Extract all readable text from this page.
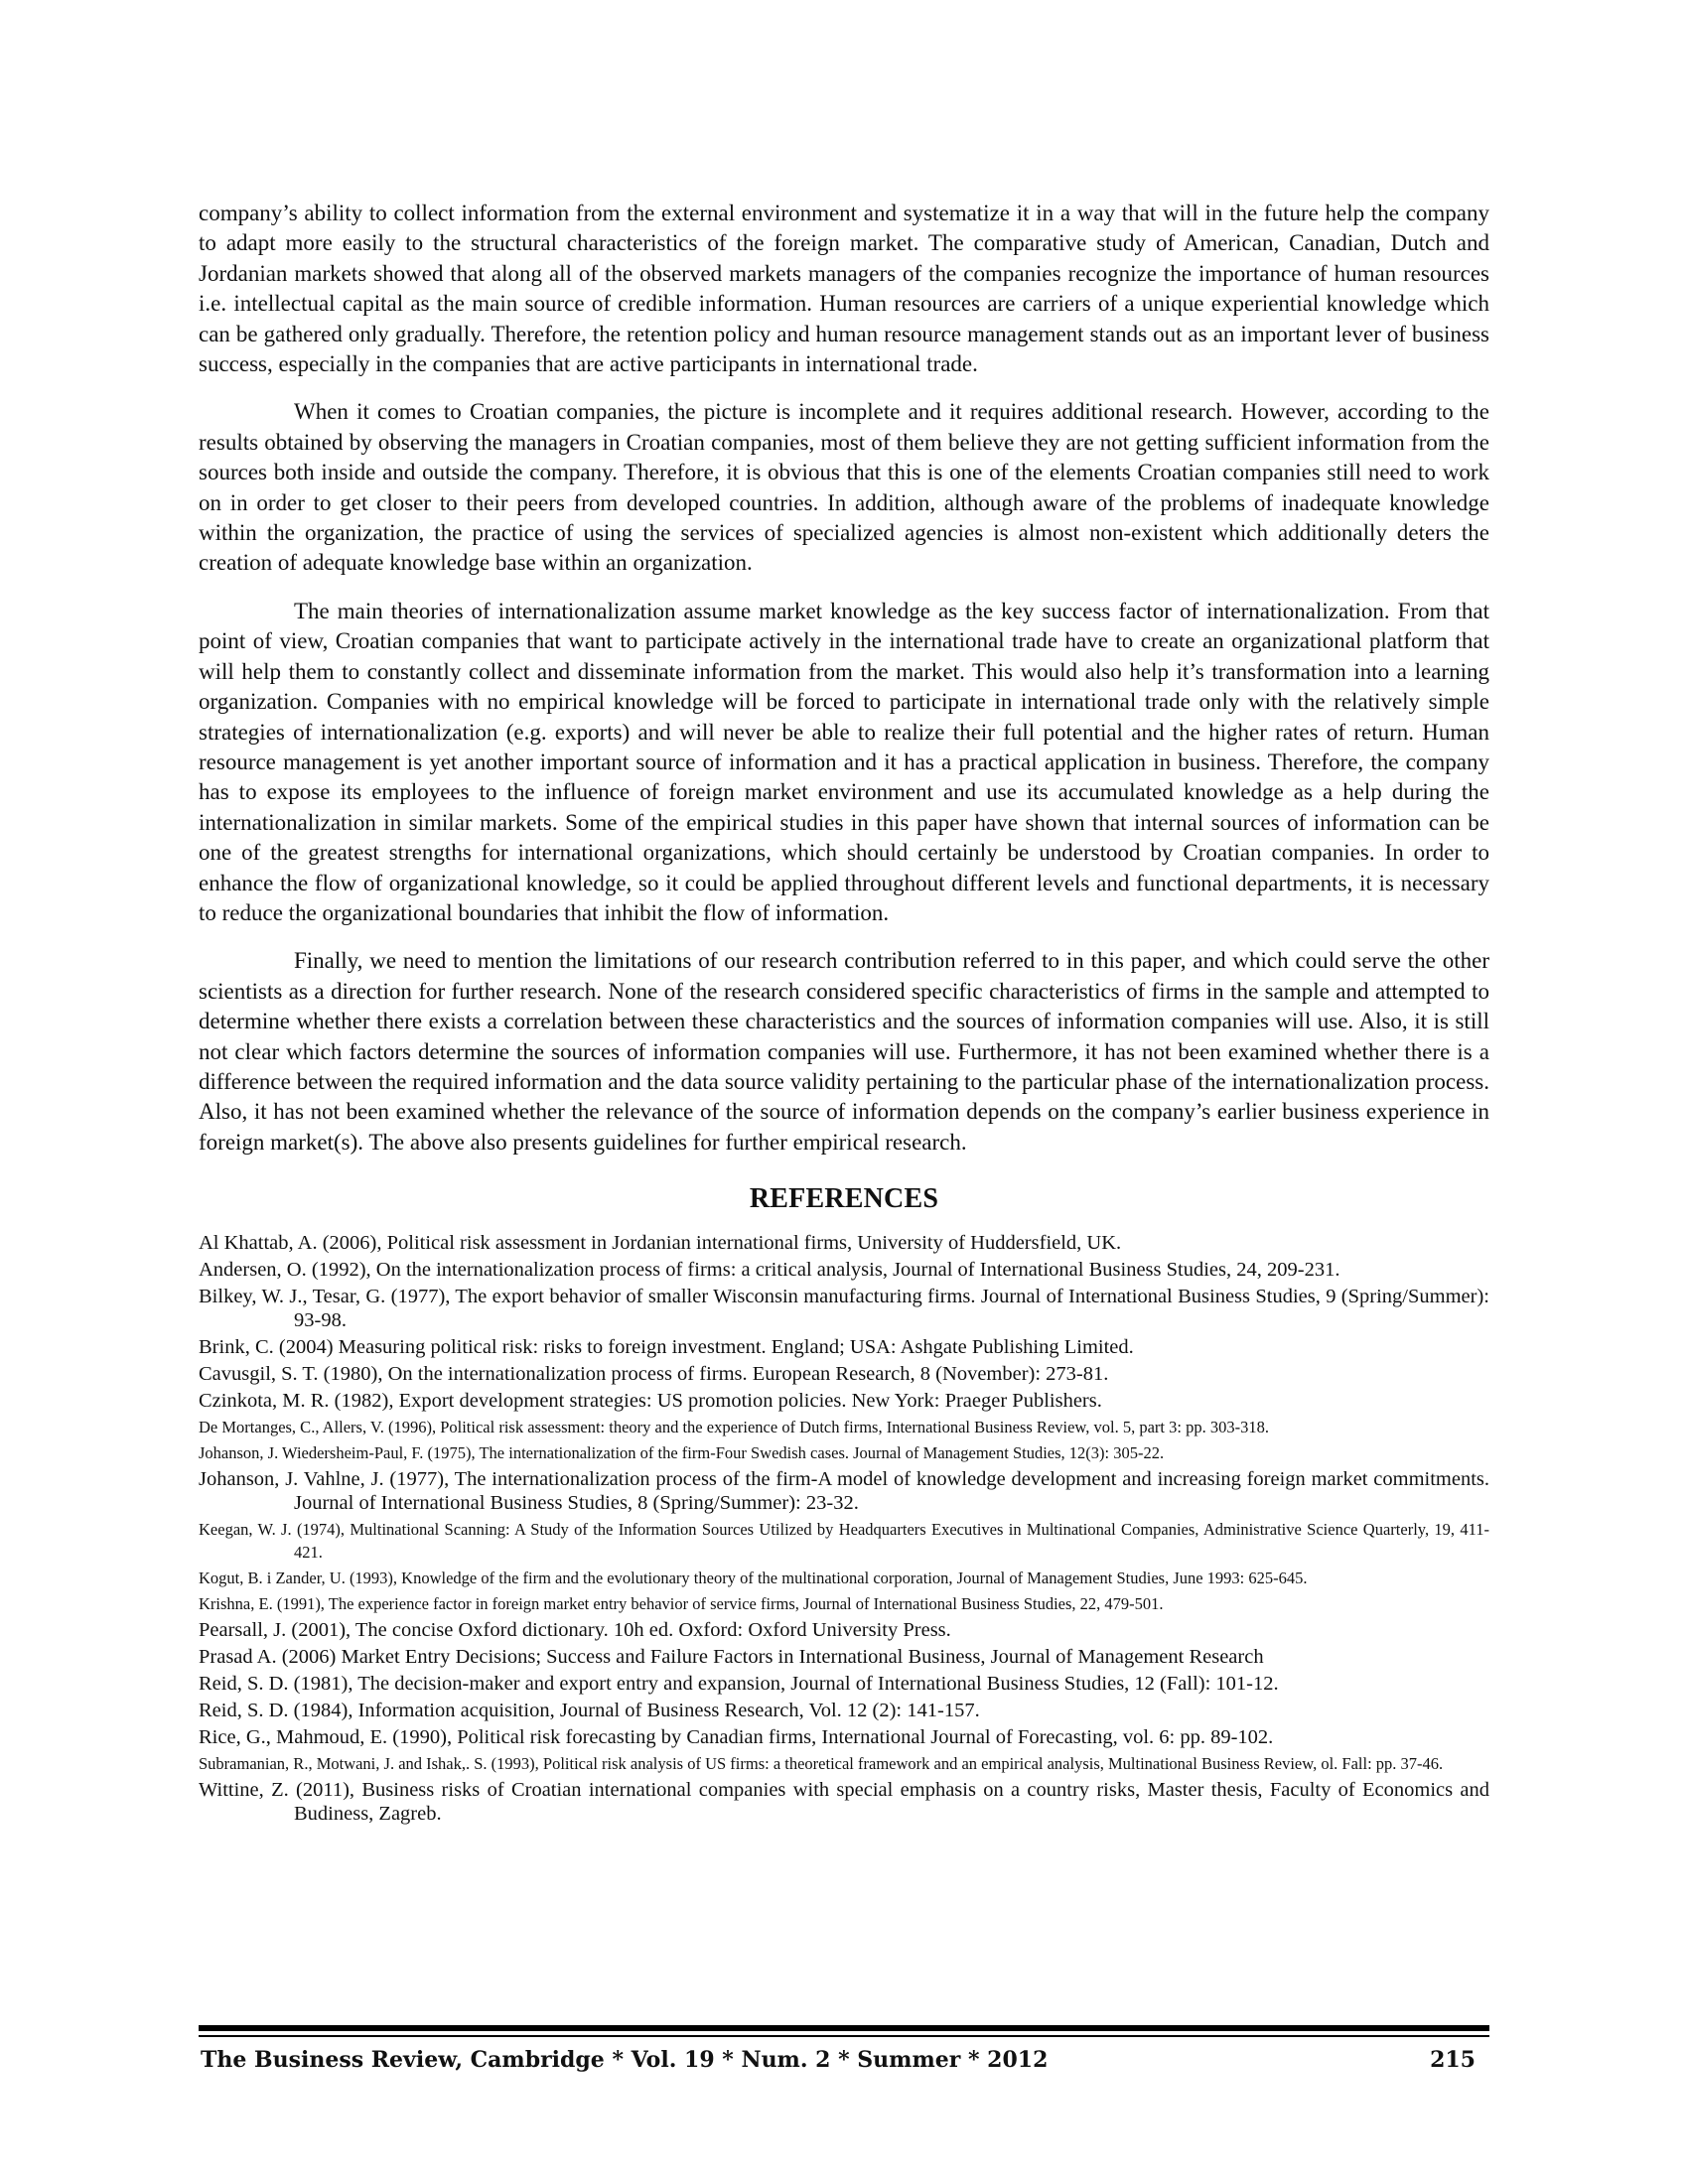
company’s ability to collect information from the external environment and systematize it in a way that will in the future help the company to adapt more easily to the structural characteristics of the foreign market. The comparative study of American, Canadian, Dutch and Jordanian markets showed that along all of the observed markets managers of the companies recognize the importance of human resources i.e. intellectual capital as the main source of credible information. Human resources are carriers of a unique experiential knowledge which can be gathered only gradually. Therefore, the retention policy and human resource management stands out as an important lever of business success, especially in the companies that are active participants in international trade.

When it comes to Croatian companies, the picture is incomplete and it requires additional research. However, according to the results obtained by observing the managers in Croatian companies, most of them believe they are not getting sufficient information from the sources both inside and outside the company. Therefore, it is obvious that this is one of the elements Croatian companies still need to work on in order to get closer to their peers from developed countries. In addition, although aware of the problems of inadequate knowledge within the organization, the practice of using the services of specialized agencies is almost non-existent which additionally deters the creation of adequate knowledge base within an organization.

The main theories of internationalization assume market knowledge as the key success factor of internationalization. From that point of view, Croatian companies that want to participate actively in the international trade have to create an organizational platform that will help them to constantly collect and disseminate information from the market. This would also help it’s transformation into a learning organization. Companies with no empirical knowledge will be forced to participate in international trade only with the relatively simple strategies of internationalization (e.g. exports) and will never be able to realize their full potential and the higher rates of return. Human resource management is yet another important source of information and it has a practical application in business. Therefore, the company has to expose its employees to the influence of foreign market environment and use its accumulated knowledge as a help during the internationalization in similar markets. Some of the empirical studies in this paper have shown that internal sources of information can be one of the greatest strengths for international organizations, which should certainly be understood by Croatian companies. In order to enhance the flow of organizational knowledge, so it could be applied throughout different levels and functional departments, it is necessary to reduce the organizational boundaries that inhibit the flow of information.

Finally, we need to mention the limitations of our research contribution referred to in this paper, and which could serve the other scientists as a direction for further research. None of the research considered specific characteristics of firms in the sample and attempted to determine whether there exists a correlation between these characteristics and the sources of information companies will use. Also, it is still not clear which factors determine the sources of information companies will use. Furthermore, it has not been examined whether there is a difference between the required information and the data source validity pertaining to the particular phase of the internationalization process. Also, it has not been examined whether the relevance of the source of information depends on the company’s earlier business experience in foreign market(s). The above also presents guidelines for further empirical research.

REFERENCES

Al Khattab, A. (2006), Political risk assessment in Jordanian international firms, University of Huddersfield, UK.

Andersen, O. (1992), On the internationalization process of firms: a critical analysis, Journal of International Business Studies, 24, 209-231.

Bilkey, W. J., Tesar, G. (1977), The export behavior of smaller Wisconsin manufacturing firms. Journal of International Business Studies, 9 (Spring/Summer): 93-98.

Brink, C. (2004) Measuring political risk: risks to foreign investment. England; USA: Ashgate Publishing Limited.

Cavusgil, S. T. (1980), On the internationalization process of firms. European Research, 8 (November): 273-81.

Czinkota, M. R. (1982), Export development strategies: US promotion policies. New York: Praeger Publishers.

De Mortanges, C., Allers, V. (1996), Political risk assessment: theory and the experience of Dutch firms, International Business Review, vol. 5, part 3: pp. 303-318.

Johanson, J. Wiedersheim-Paul, F. (1975), The internationalization of the firm-Four Swedish cases. Journal of Management Studies, 12(3): 305-22.

Johanson, J. Vahlne, J. (1977), The internationalization process of the firm-A model of knowledge development and increasing foreign market commitments. Journal of International Business Studies, 8 (Spring/Summer): 23-32.

Keegan, W. J. (1974), Multinational Scanning: A Study of the Information Sources Utilized by Headquarters Executives in Multinational Companies, Administrative Science Quarterly, 19, 411-421.

Kogut, B. i Zander, U. (1993), Knowledge of the firm and the evolutionary theory of the multinational corporation, Journal of Management Studies, June 1993: 625-645.

Krishna, E. (1991), The experience factor in foreign market entry behavior of service firms, Journal of International Business Studies, 22, 479-501.

Pearsall, J. (2001), The concise Oxford dictionary. 10h ed. Oxford: Oxford University Press.

Prasad A. (2006) Market Entry Decisions; Success and Failure Factors in International Business, Journal of Management Research

Reid, S. D. (1981), The decision-maker and export entry and expansion, Journal of International Business Studies, 12 (Fall): 101-12.

Reid, S. D. (1984), Information acquisition, Journal of Business Research, Vol. 12 (2): 141-157.

Rice, G., Mahmoud, E. (1990), Political risk forecasting by Canadian firms, International Journal of Forecasting, vol. 6: pp. 89-102.

Subramanian, R., Motwani, J. and Ishak,. S. (1993), Political risk analysis of US firms: a theoretical framework and an empirical analysis, Multinational Business Review, ol. Fall: pp. 37-46.

Wittine, Z. (2011), Business risks of Croatian international companies with special emphasis on a country risks, Master thesis, Faculty of Economics and Budiness, Zagreb.

The Business Review, Cambridge * Vol. 19 * Num. 2 * Summer * 2012	215
